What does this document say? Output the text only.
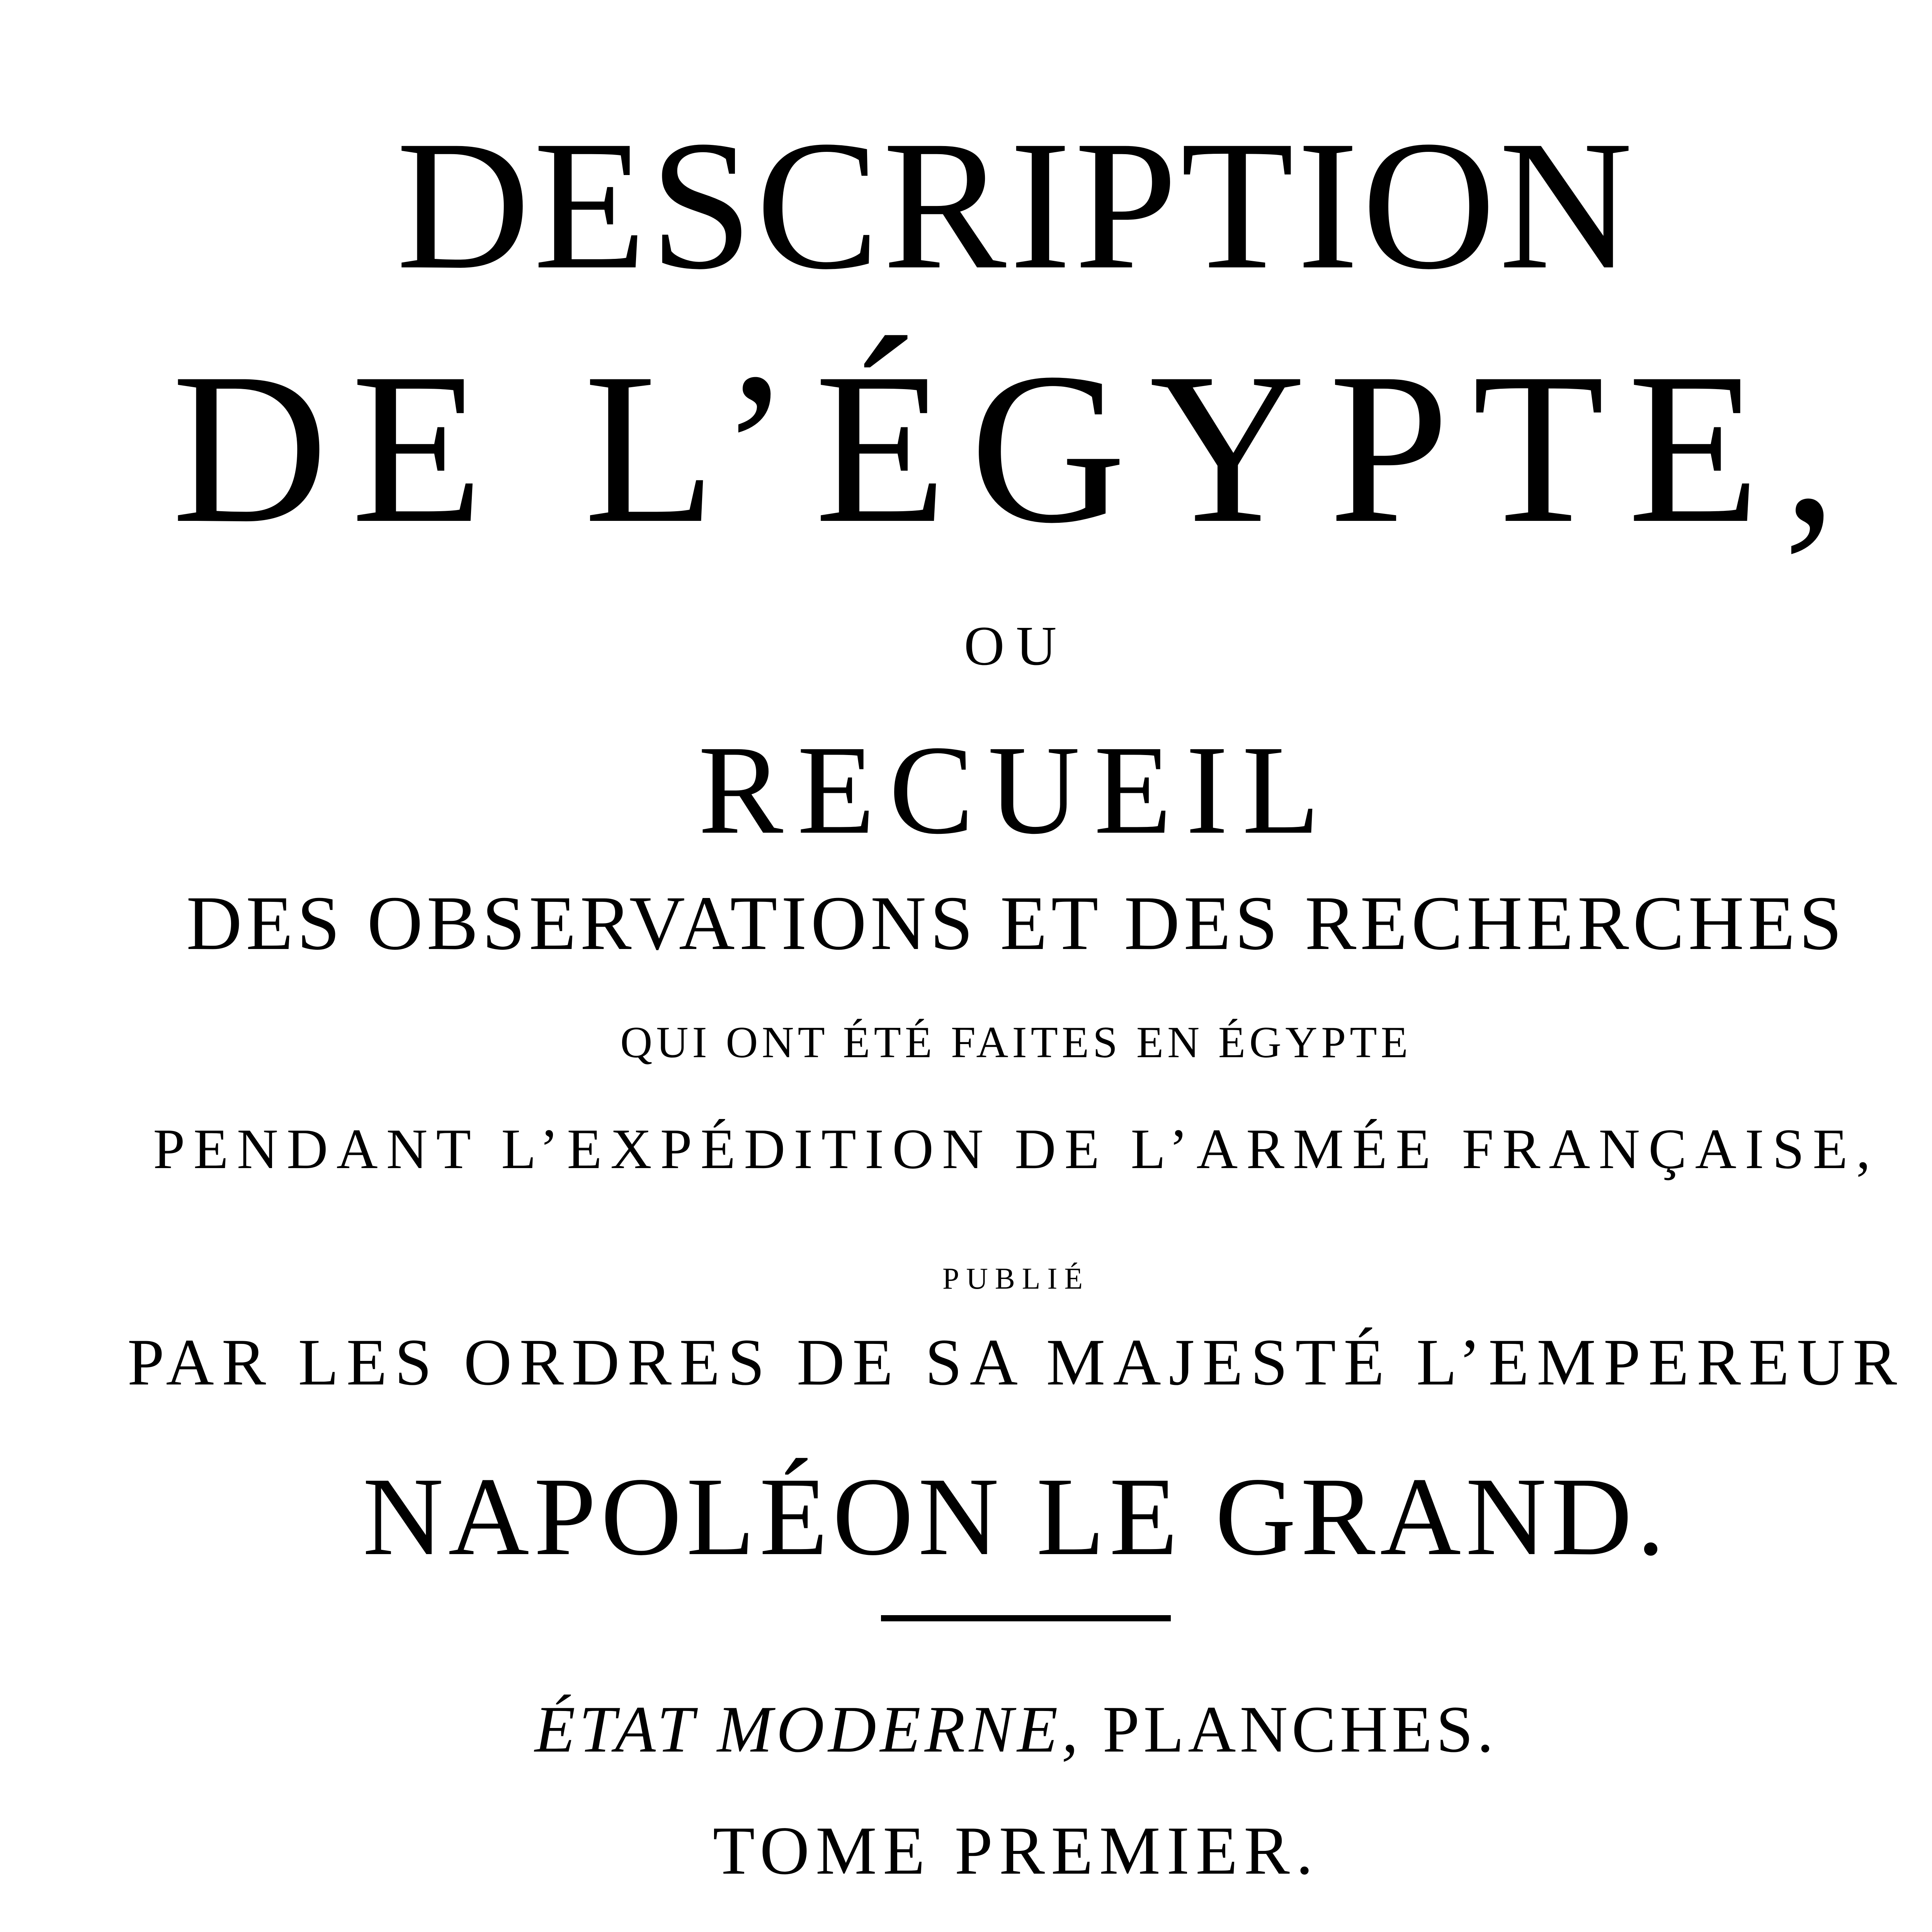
DESCRIPTION
DE L’ÉGYPTE,
OU
RECUEIL
DES OBSERVATIONS ET DES RECHERCHES
QUI ONT ÉTÉ FAITES EN ÉGYPTE
PENDANT L’EXPÉDITION DE L’ARMÉE FRANÇAISE,
PUBLIÉ
PAR LES ORDRES DE SA MAJESTÉ L’EMPEREUR
NAPOLÉON LE GRAND.
ÉTAT MODERNE, PLANCHES.
TOME PREMIER.
